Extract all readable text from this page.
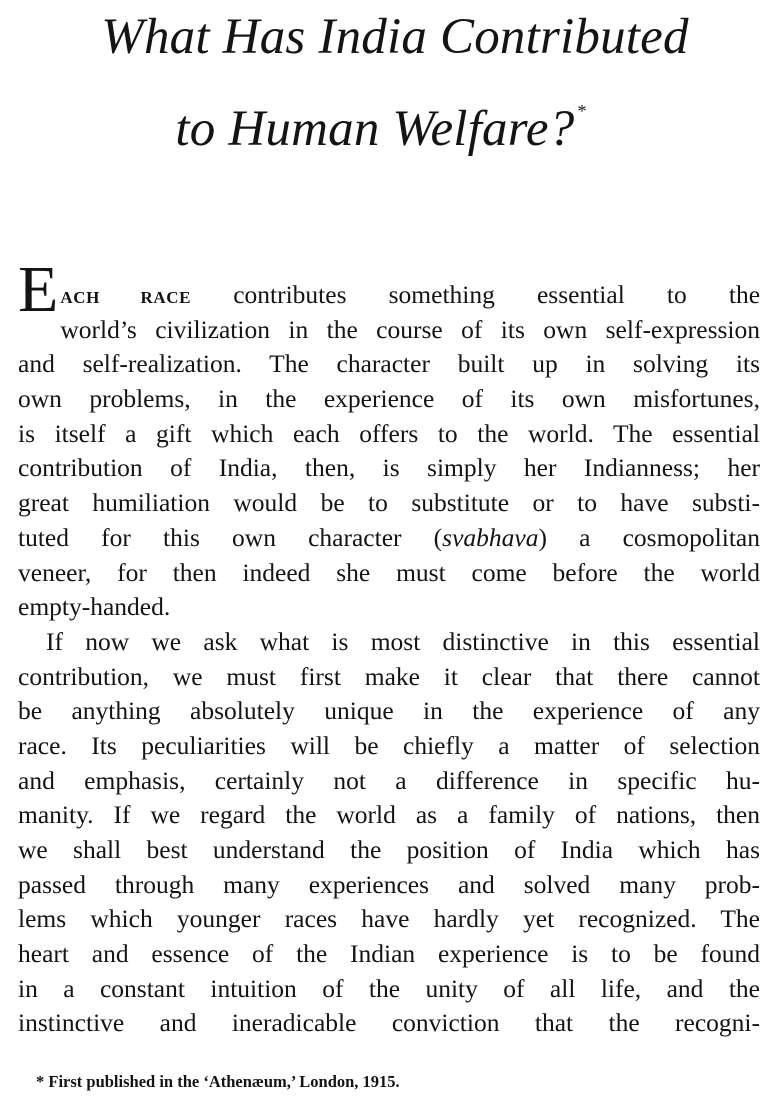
What Has India Contributed
to Human Welfare? *
E ACH RACE contributes something essential to the
world’s civilization in the course of its own self-expression
and self-realization. The character built up in solving its
own problems, in the experience of its own misfortunes,
is itself a gift which each offers to the world. The essential
contribution of India, then, is simply her Indianness; her
great humiliation would be to substitute or to have substi-
tuted for this own character (svabhava) a cosmopolitan
veneer, for then indeed she must come before the world
empty-handed.
If now we ask what is most distinctive in this essential
contribution, we must first make it clear that there cannot
be anything absolutely unique in the experience of any
race. Its peculiarities will be chiefly a matter of selection
and emphasis, certainly not a difference in specific hu-
manity. If we regard the world as a family of nations, then
we shall best understand the position of India which has
passed through many experiences and solved many prob-
lems which younger races have hardly yet recognized. The
heart and essence of the Indian experience is to be found
in a constant intuition of the unity of all life, and the
instinctive and ineradicable conviction that the recogni-
* First published in the ‘Athenæum,’ London, 1915.
